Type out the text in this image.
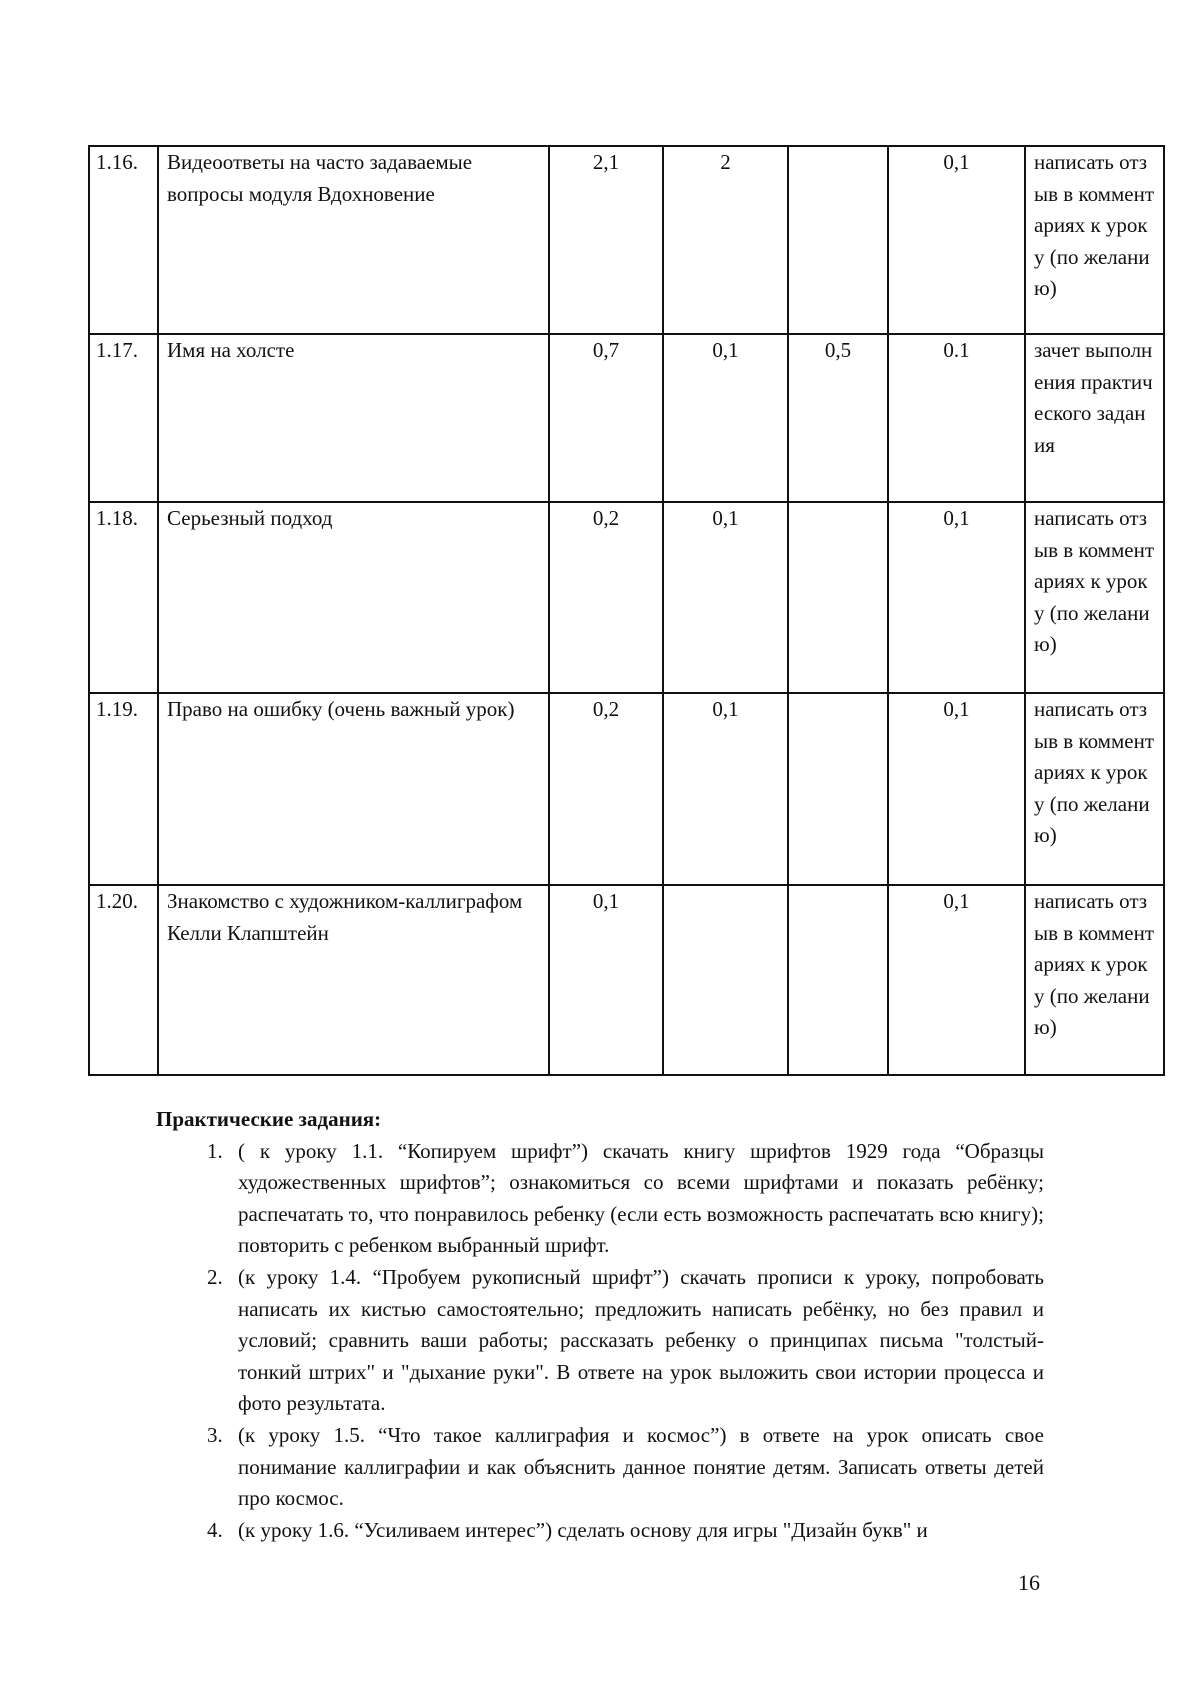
1.16.	Видеоответы на часто задаваемые вопросы модуля Вдохновение	2,1	2		0,1	написать отзыв в комментариях к уроку (по желанию)
1.17.	Имя на холсте	0,7	0,1	0,5	0.1	зачет выполнения практического задания
1.18.	Серьезный подход	0,2	0,1		0,1	написать отзыв в комментариях к уроку (по желанию)
1.19.	Право на ошибку (очень важный урок)	0,2	0,1		0,1	написать отзыв в комментариях к уроку (по желанию)
1.20.	Знакомство с художником-каллиграфом Келли Клапштейн	0,1			0,1	написать отзыв в комментариях к уроку (по желанию)
Практические задания:
1. ( к уроку 1.1. “Копируем шрифт”) скачать книгу шрифтов 1929 года “Образцы художественных шрифтов”; ознакомиться со всеми шрифтами и показать ребёнку; распечатать то, что понравилось ребенку (если есть возможность распечатать всю книгу); повторить с ребенком выбранный шрифт.
2. (к уроку 1.4. “Пробуем рукописный шрифт”) скачать прописи к уроку, попробовать написать их кистью самостоятельно; предложить написать ребёнку, но без правил и условий; сравнить ваши работы; рассказать ребенку о принципах письма "толстый-тонкий штрих" и "дыхание руки". В ответе на урок выложить свои истории процесса и фото результата.
3. (к уроку 1.5. “Что такое каллиграфия и космос”) в ответе на урок описать свое понимание каллиграфии и как объяснить данное понятие детям. Записать ответы детей про космос.
4. (к уроку 1.6. “Усиливаем интерес”) сделать основу для игры "Дизайн букв" и
16
